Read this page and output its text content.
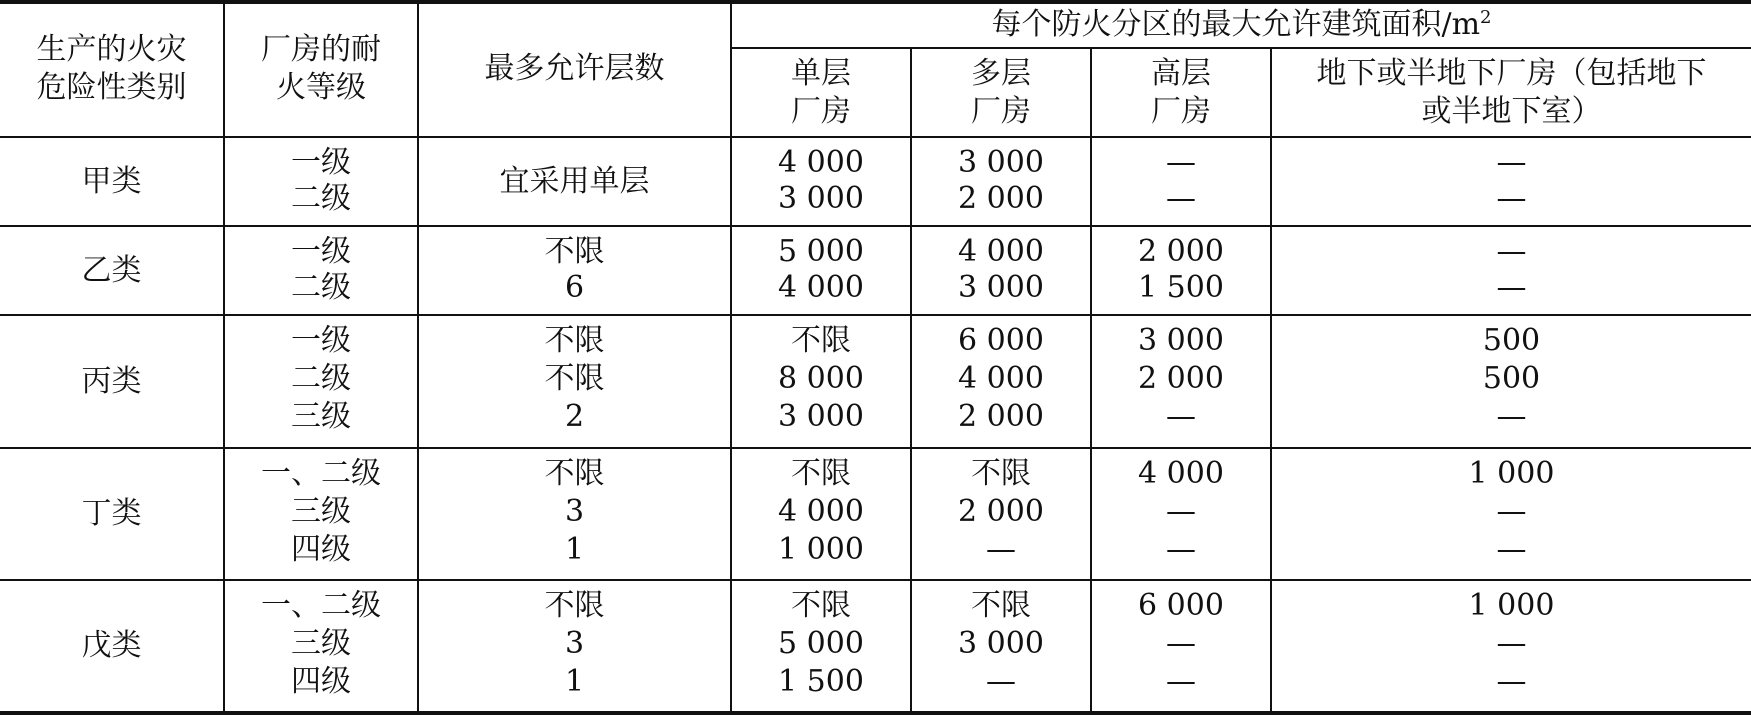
生产的火灾
危险性类别
厂房的耐
火等级
最多允许层数
每个防火分区的最大允许建筑面积$/m^2$
单层
厂房
多层
厂房
高层
厂房
地下或半地下厂房（包括地下
或半地下室）
甲类
一级
二级	宜采用单层
4 000
3 000
3 000
2 000
—
—
—
—
乙类
一级
二级
不限
6
5 000
4 000
4 000
3 000
2 000
1 500
—
—
丙类
一级
二级
三级
不限
不限
2
不限
8 000
3 000
6 000
4 000
2 000
3 000
2 000
—
500
500
—
丁类
一、二级
三级
四级
不限
3
1
不限
4 000
1 000
不限
2 000
—
4 000
—
—
1 000
—
—
戊类
一、二级
三级
四级
不限
3
1
不限
5 000
1 500
不限
3 000
—
6 000
—
—
1 000
—
—
